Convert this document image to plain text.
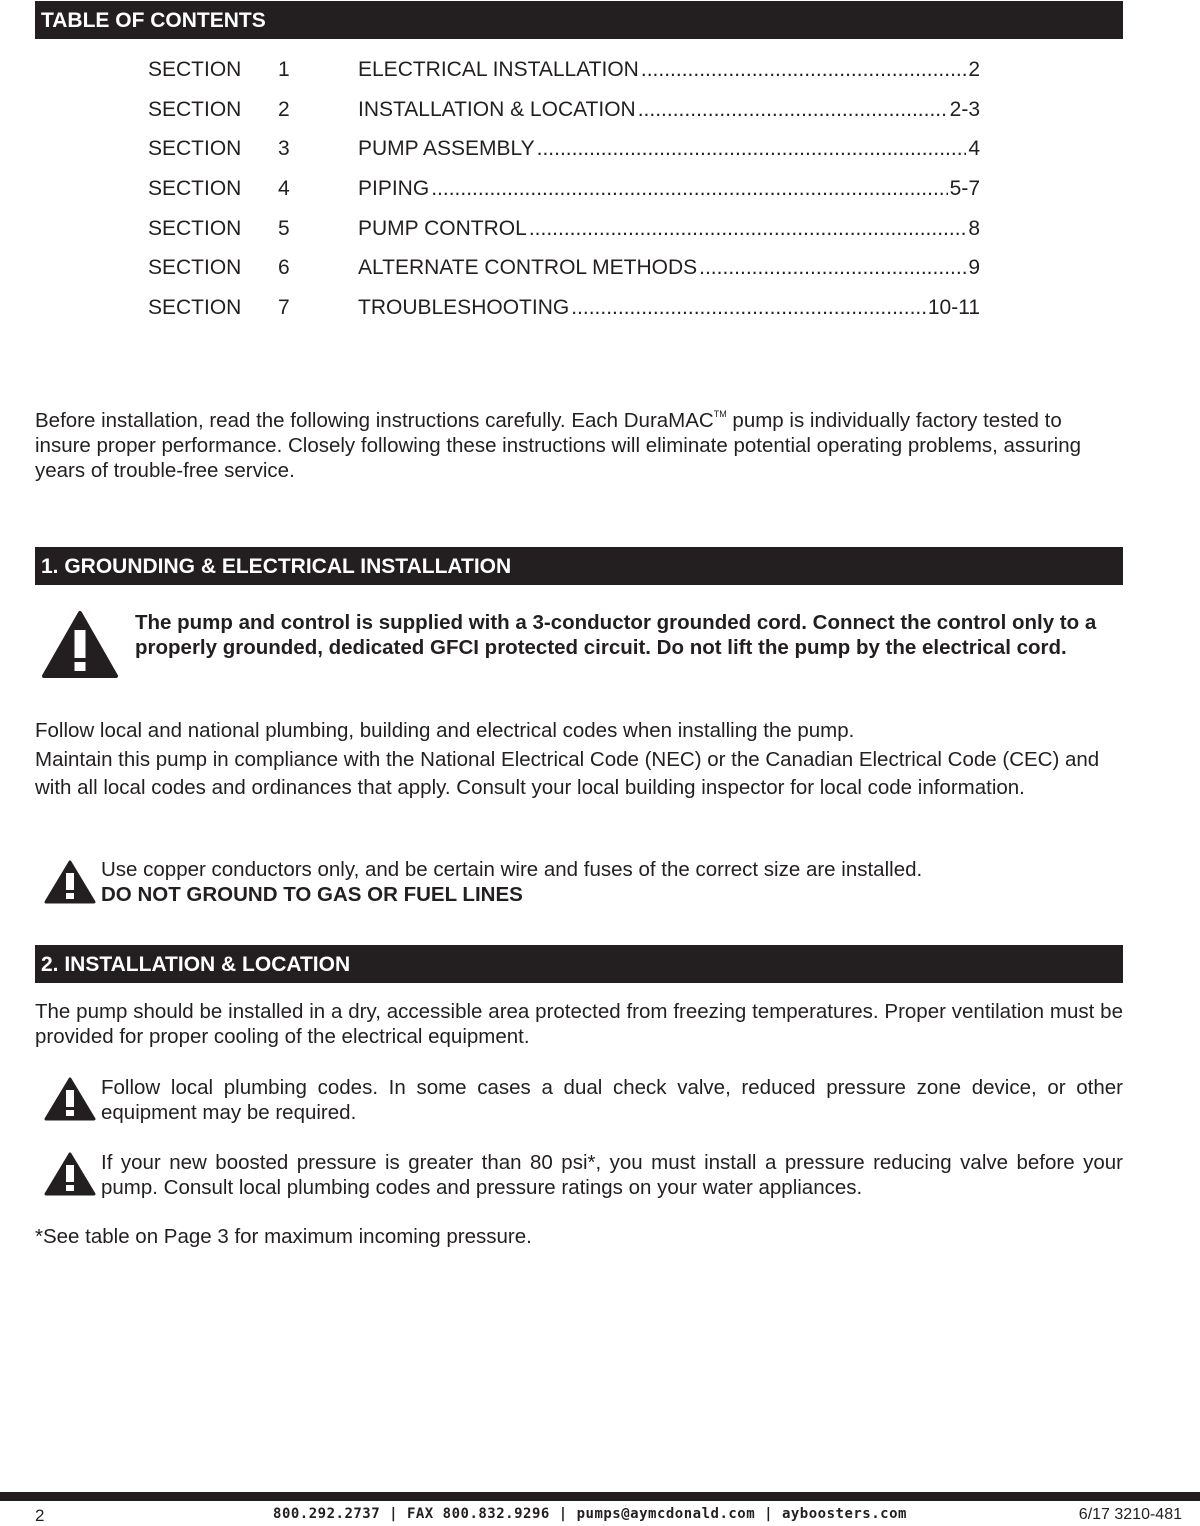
TABLE OF CONTENTS
SECTION	1	ELECTRICAL INSTALLATION .....	2
SECTION	2	INSTALLATION & LOCATION .....	2-3
SECTION	3	PUMP ASSEMBLY .....	4
SECTION	4	PIPING .....	5-7
SECTION	5	PUMP CONTROL .....	8
SECTION	6	ALTERNATE CONTROL METHODS .....	9
SECTION	7	TROUBLESHOOTING .....	10-11

Before installation, read the following instructions carefully. Each DuraMAC™ pump is individually factory tested to insure proper performance. Closely following these instructions will eliminate potential operating problems, assuring years of trouble-free service.

1. GROUNDING & ELECTRICAL INSTALLATION

The pump and control is supplied with a 3-conductor grounded cord. Connect the control only to a properly grounded, dedicated GFCI protected circuit. Do not lift the pump by the electrical cord.

Follow local and national plumbing, building and electrical codes when installing the pump.

Maintain this pump in compliance with the National Electrical Code (NEC) or the Canadian Electrical Code (CEC) and with all local codes and ordinances that apply. Consult your local building inspector for local code information.

Use copper conductors only, and be certain wire and fuses of the correct size are installed.
DO NOT GROUND TO GAS OR FUEL LINES

2. INSTALLATION & LOCATION

The pump should be installed in a dry, accessible area protected from freezing temperatures. Proper ventilation must be provided for proper cooling of the electrical equipment.

Follow local plumbing codes. In some cases a dual check valve, reduced pressure zone device, or other equipment may be required.

If your new boosted pressure is greater than 80 psi*, you must install a pressure reducing valve before your pump. Consult local plumbing codes and pressure ratings on your water appliances.

*See table on Page 3 for maximum incoming pressure.

2	800.292.2737 | FAX 800.832.9296 | pumps@aymcdonald.com | ayboosters.com	6/17 3210-481
